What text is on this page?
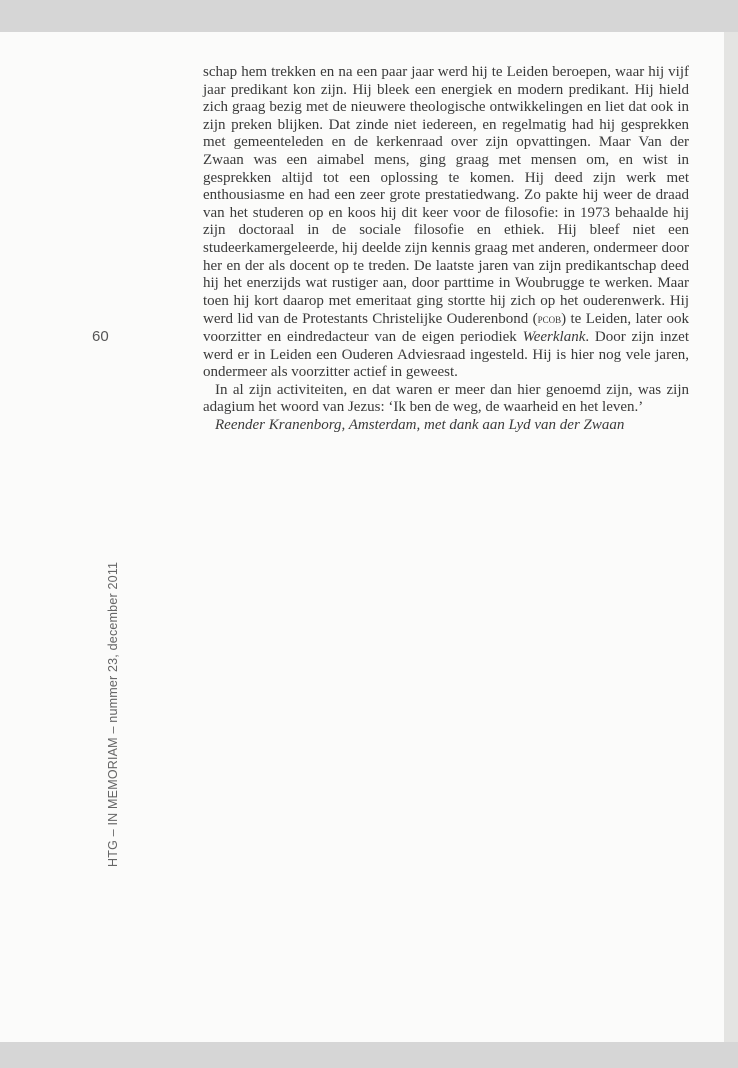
60
HTG – IN MEMORIAM – nummer 23, december 2011

schap hem trekken en na een paar jaar werd hij te Leiden beroepen, waar hij vijf jaar predikant kon zijn. Hij bleek een energiek en modern predikant. Hij hield zich graag bezig met de nieuwere theologische ontwikkelingen en liet dat ook in zijn preken blijken. Dat zinde niet iedereen, en regelmatig had hij gesprekken met gemeenteleden en de kerkenraad over zijn opvattingen. Maar Van der Zwaan was een aimabel mens, ging graag met mensen om, en wist in gesprekken altijd tot een oplossing te komen. Hij deed zijn werk met enthousiasme en had een zeer grote prestatiedwang. Zo pakte hij weer de draad van het studeren op en koos hij dit keer voor de filosofie: in 1973 behaalde hij zijn doctoraal in de sociale filosofie en ethiek. Hij bleef niet een studeerkamergeleerde, hij deelde zijn kennis graag met anderen, ondermeer door her en der als docent op te treden. De laatste jaren van zijn predikantschap deed hij het enerzijds wat rustiger aan, door parttime in Woubrugge te werken. Maar toen hij kort daarop met emeritaat ging stortte hij zich op het ouderenwerk. Hij werd lid van de Protestants Christelijke Ouderenbond (pcob) te Leiden, later ook voorzitter en eindredacteur van de eigen periodiek Weerklank. Door zijn inzet werd er in Leiden een Ouderen Adviesraad ingesteld. Hij is hier nog vele jaren, ondermeer als voorzitter actief in geweest.

In al zijn activiteiten, en dat waren er meer dan hier genoemd zijn, was zijn adagium het woord van Jezus: ‘Ik ben de weg, de waarheid en het leven.’

Reender Kranenborg, Amsterdam, met dank aan Lyd van der Zwaan
